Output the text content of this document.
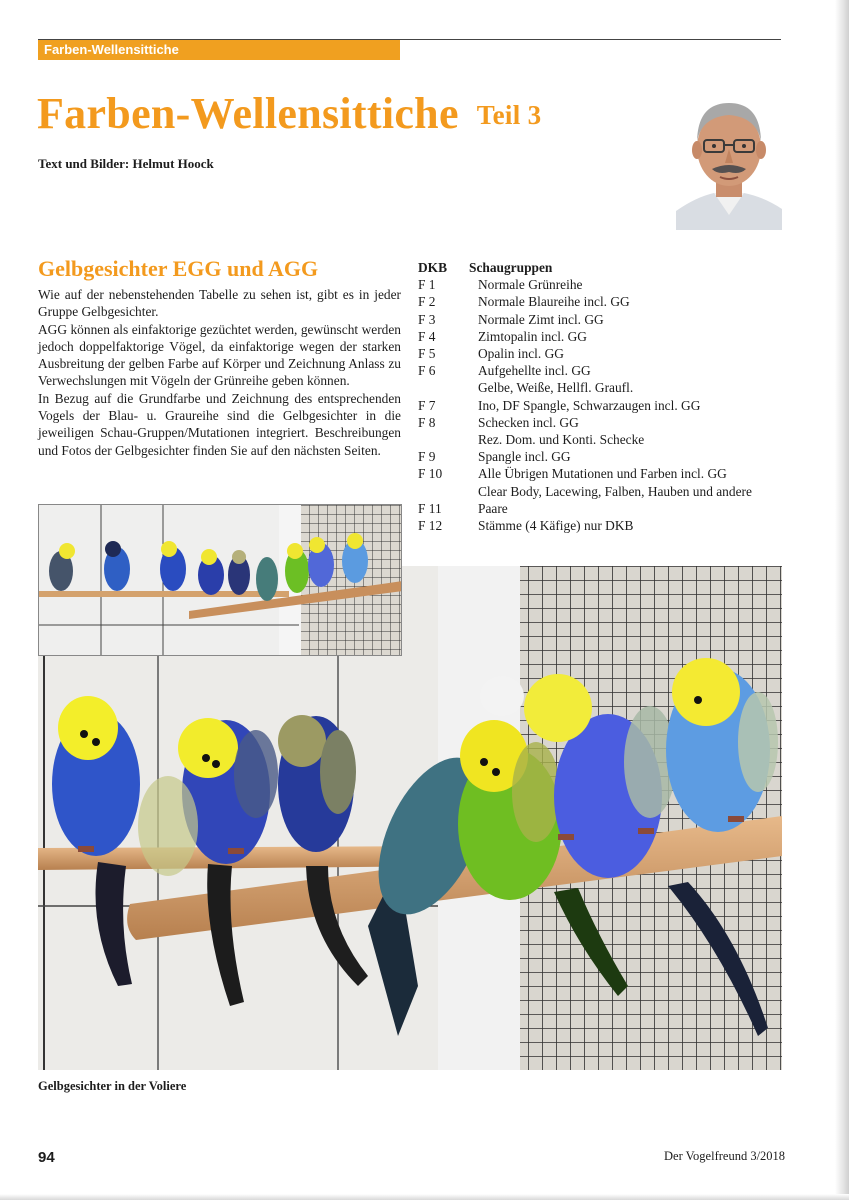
Farben-Wellensittiche
Farben-Wellensittiche Teil 3
Text und Bilder: Helmut Hoock
Gelbgesichter EGG und AGG

Wie auf der nebenstehenden Tabelle zu sehen ist, gibt es in jeder Gruppe Gelbgesichter.

AGG können als einfaktorige gezüchtet werden, gewünscht werden jedoch doppelfaktorige Vögel, da einfaktorige wegen der starken Ausbreitung der gelben Farbe auf Körper und Zeichnung Anlass zu Verwechslungen mit Vögeln der Grünreihe geben können.

In Bezug auf die Grundfarbe und Zeichnung des entsprechenden Vogels der Blau- u. Graureihe sind die Gelbgesichter in die jeweiligen Schau-Gruppen/Mutationen integriert. Beschreibungen und Fotos der Gelbgesichter finden Sie auf den nächsten Seiten.

DKB	Schaugruppen
F 1	Normale Grünreihe
F 2	Normale Blaureihe incl. GG
F 3	Normale Zimt incl. GG
F 4	Zimtopalin incl. GG
F 5	Opalin incl. GG
F 6	Aufgehellte incl. GG
Gelbe, Weiße, Hellfl. Graufl.
F 7	Ino, DF Spangle, Schwarzaugen incl. GG
F 8	Schecken incl. GG
Rez. Dom. und Konti. Schecke
F 9	Spangle incl. GG
F 10	Alle Übrigen Mutationen und Farben incl. GG
Clear Body, Lacewing, Falben, Hauben und andere
F 11	Paare
F 12	Stämme (4 Käfige) nur DKB
Gelbgesichter in der Voliere
94	Der Vogelfreund 3/2018
